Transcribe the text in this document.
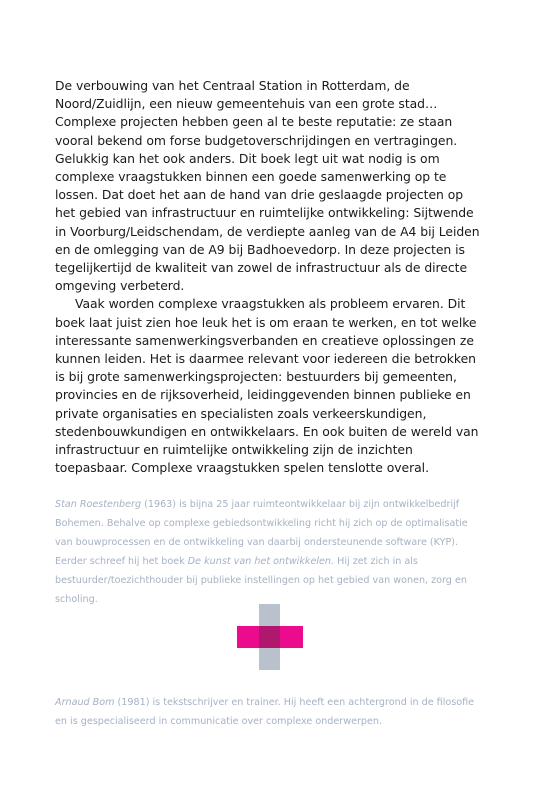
De verbouwing van het Centraal Station in Rotterdam, de Noord/Zuidlijn, een nieuw gemeentehuis van een grote stad… Complexe projecten hebben geen al te beste reputatie: ze staan vooral bekend om forse budgetoverschrijdingen en vertragingen. Gelukkig kan het ook anders. Dit boek legt uit wat nodig is om complexe vraagstukken binnen een goede samenwerking op te lossen. Dat doet het aan de hand van drie geslaagde projecten op het gebied van infrastructuur en ruimtelijke ontwikkeling: Sijtwende in Voorburg/Leidschendam, de verdiepte aanleg van de A4 bij Leiden en de omlegging van de A9 bij Badhoevedorp. In deze projecten is tegelijkertijd de kwaliteit van zowel de infrastructuur als de directe omgeving verbeterd.

Vaak worden complexe vraagstukken als probleem ervaren. Dit boek laat juist zien hoe leuk het is om eraan te werken, en tot welke interessante samenwerkingsverbanden en creatieve oplossingen ze kunnen leiden. Het is daarmee relevant voor iedereen die betrokken is bij grote samenwerkingsprojecten: bestuurders bij gemeenten, provincies en de rijksoverheid, leidinggevenden binnen publieke en private organisaties en specialisten zoals verkeerskundigen, stedenbouwkundigen en ontwikkelaars. En ook buiten de wereld van infrastructuur en ruimtelijke ontwikkeling zijn de inzichten toepasbaar. Complexe vraagstukken spelen tenslotte overal.

Stan Roestenberg (1963) is bijna 25 jaar ruimteontwikkelaar bij zijn ontwikkelbedrijf Bohemen. Behalve op complexe gebiedsontwikkeling richt hij zich op de optimalisatie van bouwprocessen en de ontwikkeling van daarbij ondersteunende software (KYP). Eerder schreef hij het boek De kunst van het ontwikkelen. Hij zet zich in als bestuurder/toezichthouder bij publieke instellingen op het gebied van wonen, zorg en scholing.

Arnaud Bom (1981) is tekstschrijver en trainer. Hij heeft een achtergrond in de filosofie en is gespecialiseerd in communicatie over complexe onderwerpen.
